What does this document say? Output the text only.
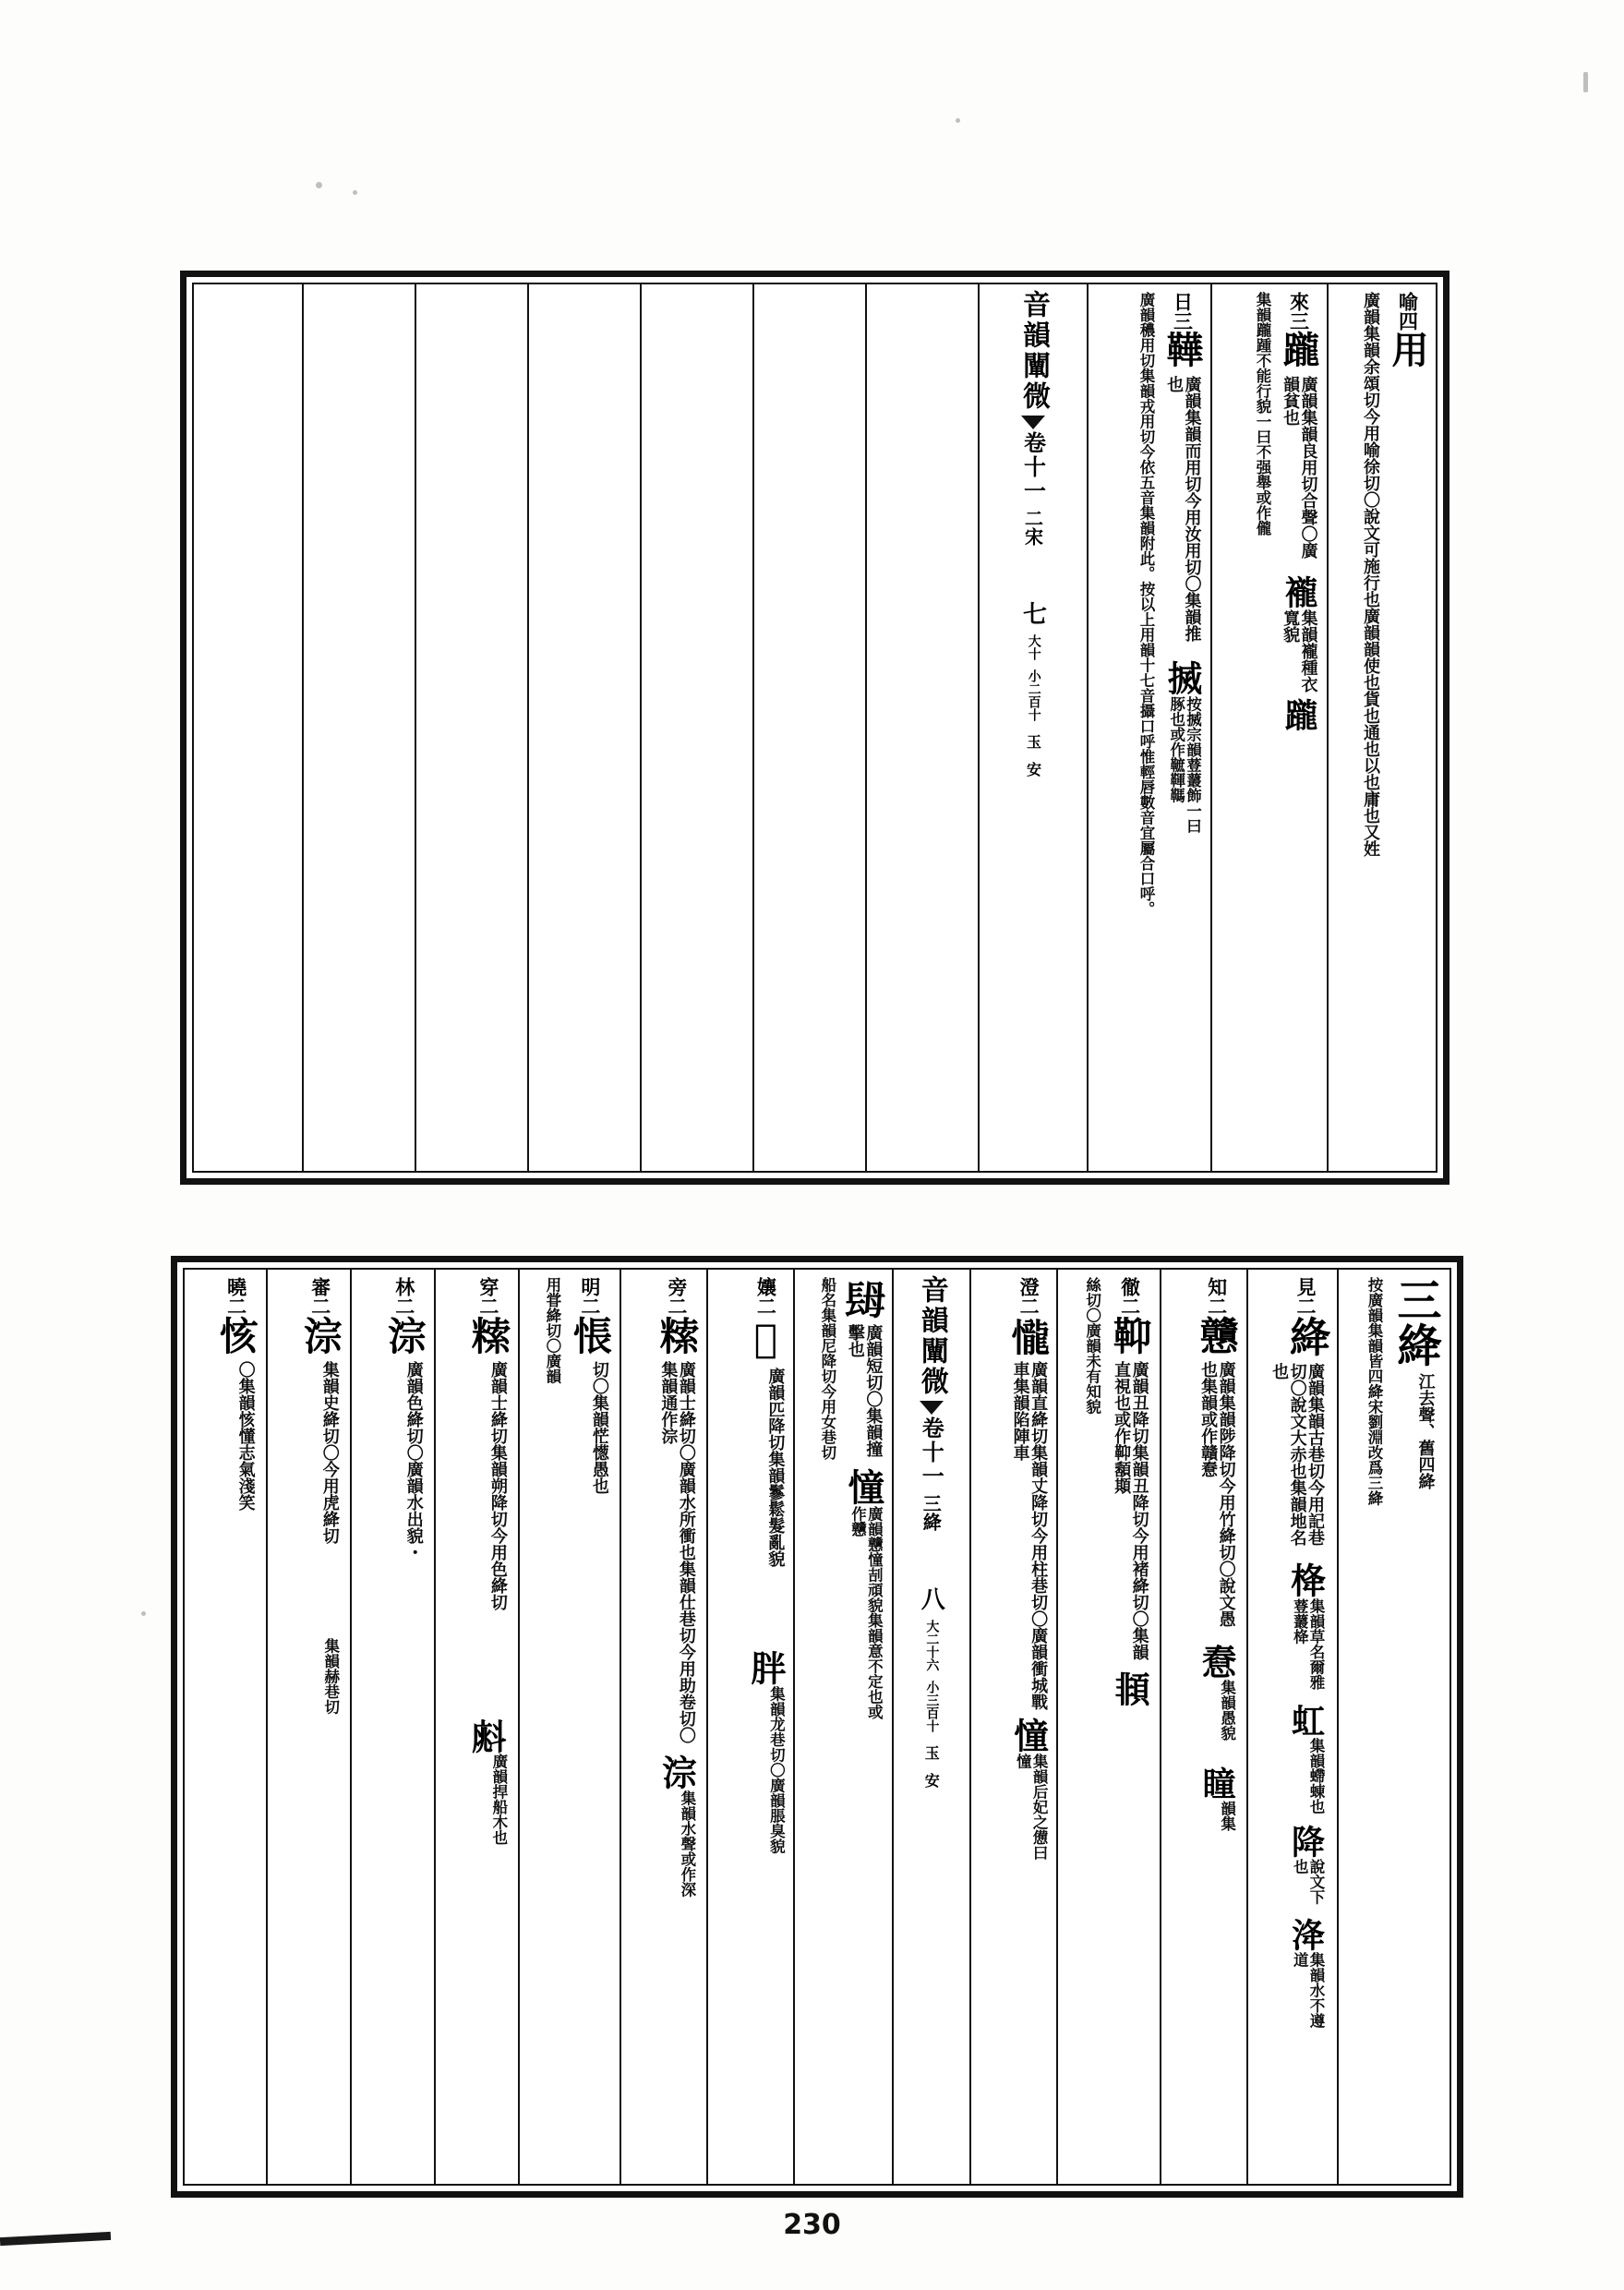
喻四
用
廣韻集韻余頌切今用喻徐切〇說文可施行也廣韻韻使也貨也通也以也庸也又姓
來三
躘
廣韻集韻良用切合聲〇廣韻貧也
襱
集韻襱種衣寬貌
躘
集韻躘踵不能行貌一曰不强舉或作儱
日三
鞾
廣韻集韻而用切今用汝用切〇集韻推也
搣
按搣宗韻䔲䕺飾一曰䐁也或作䩾䩵䩻
廣韻穠用切集韻戎用切今依五音集韻附此。按以上用韻十七音攝口呼惟輕唇數音宜屬合口呼。
音韻闡微
卷十一
二宋
七
大十
小二百十
玉
安
三絳
江去聲、舊四絳
按廣韻集韻皆四絳宋劉淵改爲三絳
見二
絳
廣韻集韻古巷切今用記巷切〇說文大赤也集韻地名也
栙
集韻草名爾雅䔲䕺栙
虹
集韻螮蝀也
降
說文下也
洚
集韻水不遵道
知二
戇
廣韻集韻陟降切今用竹絳切〇說文愚也集韻或作贛憃
憃
集韻愚貌
瞳
韻集
徹二
䩕
廣韻丑降切集韻丑降切今用褚絳切〇集韻直視也或作䩕䫠䫏
䫍
絲切〇廣韻未有知貌
澄二
𢤱
廣韻直絳切集韻丈降切今用柱巷切〇廣韻衝城戰車集韻陷陣車
憧
集韻后妃之憊曰憧
音韻闡微
卷十一
三絳
八
大二十六
小三百十
玉
安
𨱱
廣韻短切〇集韻撞擊也
憧
廣韻戇憧㓤頑貌集韻意不定也或作戇
船名集韻尼降切今用女巷切
孃二
𥪡
廣韻匹降切集韻鬖鬆髮亂貌
胖
集韻龙巷切〇廣韻脹臭貌
旁二
𥻨
廣韻士絳切〇廣韻水所衝也集韻仕巷切今用助卷切〇集韻通作淙
淙
集韻水聲或作深
明二
悵
切〇集韻恾憽愚也
用甞絳切〇廣韻
穿二
𥻨
廣韻士絳切集韻朔降切今用色絳切
𣂁
廣韻捍船木也
林二
淙
廣韻色絳切〇廣韻水出貌・
審二
淙
集韻史絳切〇今用虎絳切
集韻赫巷切
曉二
㤥
〇集韻㤥懂志氣淺笑
230
